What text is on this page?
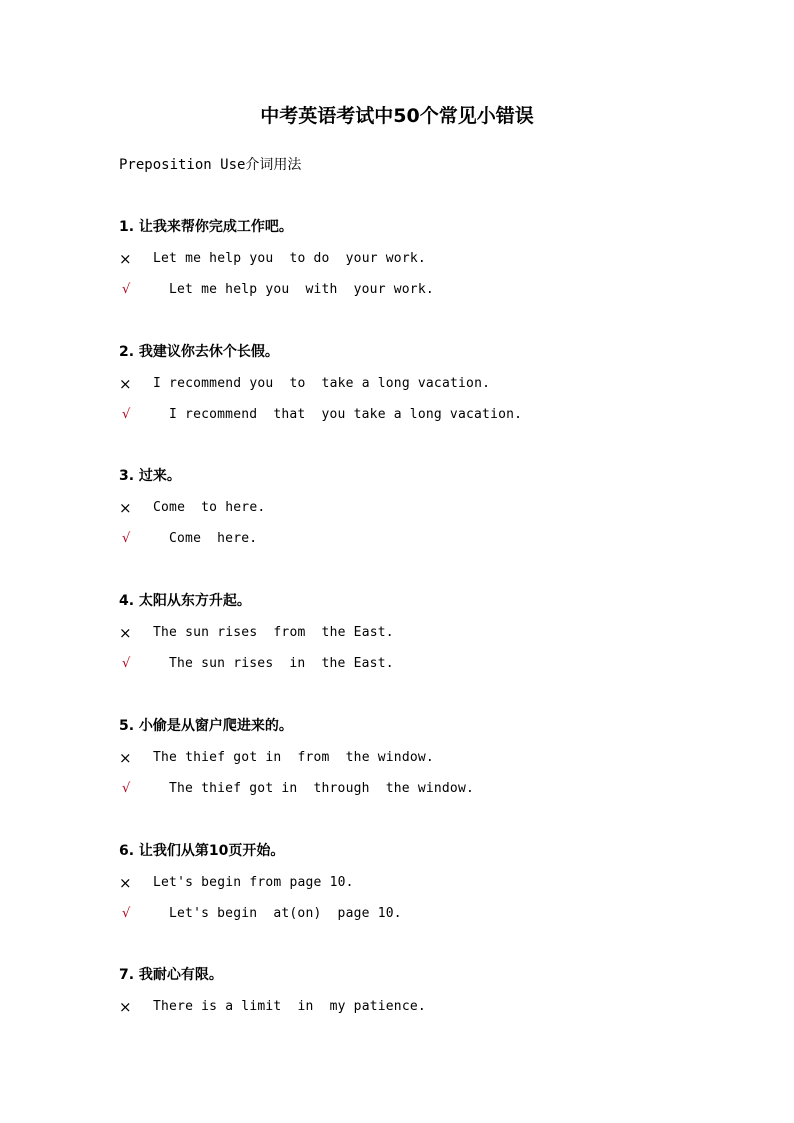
中考英语考试中50个常见小错误
Preposition Use介词用法
1. 让我来帮你完成工作吧。
×	Let me help you  to do  your work.
√	Let me help you  with  your work.
2. 我建议你去休个长假。
×	I recommend you  to  take a long vacation.
√	I recommend  that  you take a long vacation.
3. 过来。
×	Come  to here.
√	Come  here.
4. 太阳从东方升起。
×	The sun rises  from  the East.
√	The sun rises  in  the East.
5. 小偷是从窗户爬进来的。
×	The thief got in  from  the window.
√	The thief got in  through  the window.
6. 让我们从第10页开始。
×	Let's begin from page 10.
√	Let's begin  at(on)  page 10.
7. 我耐心有限。
×	There is a limit  in  my patience.
